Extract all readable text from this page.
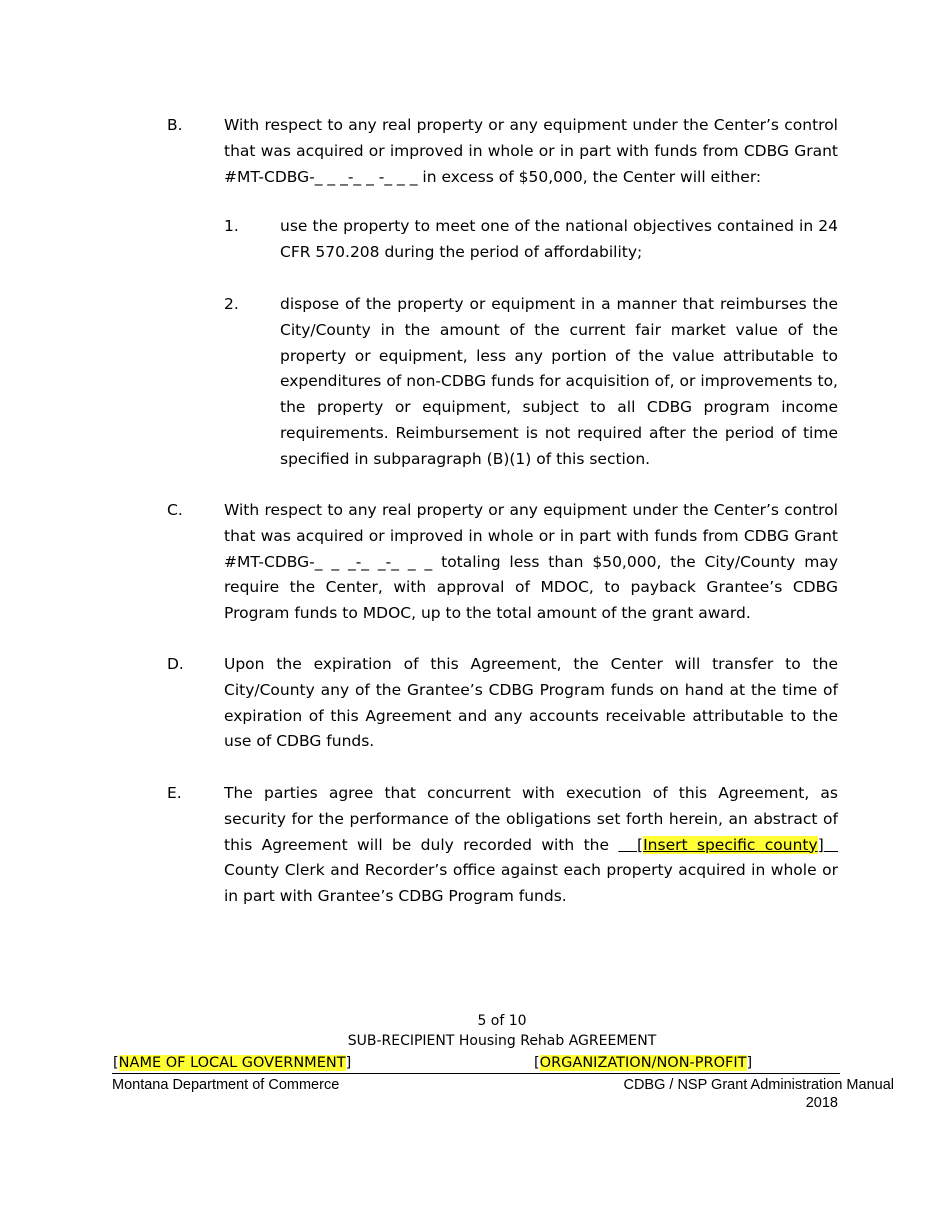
B.	With respect to any real property or any equipment under the Center’s control that was acquired or improved in whole or in part with funds from CDBG Grant #MT-CDBG-_ _ _-_ _ -_ _ _ in excess of $50,000, the Center will either:
1.	use the property to meet one of the national objectives contained in 24 CFR 570.208 during the period of affordability;
2.	dispose of the property or equipment in a manner that reimburses the City/County in the amount of the current fair market value of the property or equipment, less any portion of the value attributable to expenditures of non-CDBG funds for acquisition of, or improvements to, the property or equipment, subject to all CDBG program income requirements. Reimbursement is not required after the period of time specified in subparagraph (B)(1) of this section.
C.	With respect to any real property or any equipment under the Center’s control that was acquired or improved in whole or in part with funds from CDBG Grant #MT-CDBG-_ _ _-_ _-_ _ _ totaling less than $50,000, the City/County may require the Center, with approval of MDOC, to payback Grantee’s CDBG Program funds to MDOC, up to the total amount of the grant award.
D.	Upon the expiration of this Agreement, the Center will transfer to the City/County any of the Grantee’s CDBG Program funds on hand at the time of expiration of this Agreement and any accounts receivable attributable to the use of CDBG funds.
E.	The parties agree that concurrent with execution of this Agreement, as security for the performance of the obligations set forth herein, an abstract of this Agreement will be duly recorded with the   [Insert specific county]   County Clerk and Recorder’s office against each property acquired in whole or in part with Grantee’s CDBG Program funds.
5 of 10
SUB-RECIPIENT Housing Rehab AGREEMENT
[NAME OF LOCAL GOVERNMENT]	[ORGANIZATION/NON-PROFIT]
Montana Department of Commerce	CDBG / NSP Grant Administration Manual
2018
